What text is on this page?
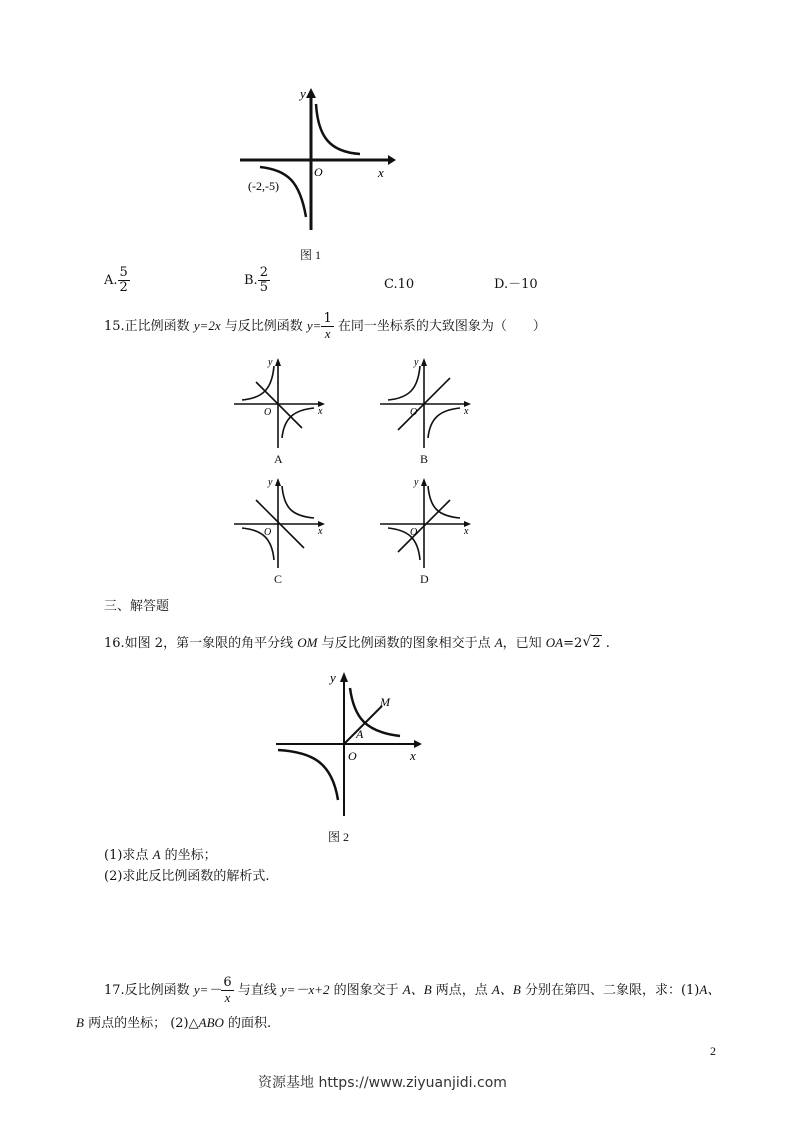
y
x
O
(-2,-5)
图 1
A. $\frac{5}{2}$	B. $\frac{2}{5}$	C.10	D.－10
15.正比例函数 y=2x 与反比例函数 $y= \frac{1}{x}$ 在同一坐标系的大致图象为（　　）
y
x
O
A
y
x
O
B
y
x
O
C
y
x
O
D
三、解答题
16.如图 2，第一象限的角平分线 OM 与反比例函数的图象相交于点 A，已知 OA=2 √ 2 .
y
x
O
M
A
图 2
(1)求点 A 的坐标；
(2)求此反比例函数的解析式.
17.反比例函数 $y=- \frac{6}{x}$ 与直线 y=－x+2 的图象交于 A、B 两点，点 A、B 分别在第四、二象限，求：(1)A、
B 两点的坐标； (2)△ABO 的面积.
2
资源基地 https://www.ziyuanjidi.com
